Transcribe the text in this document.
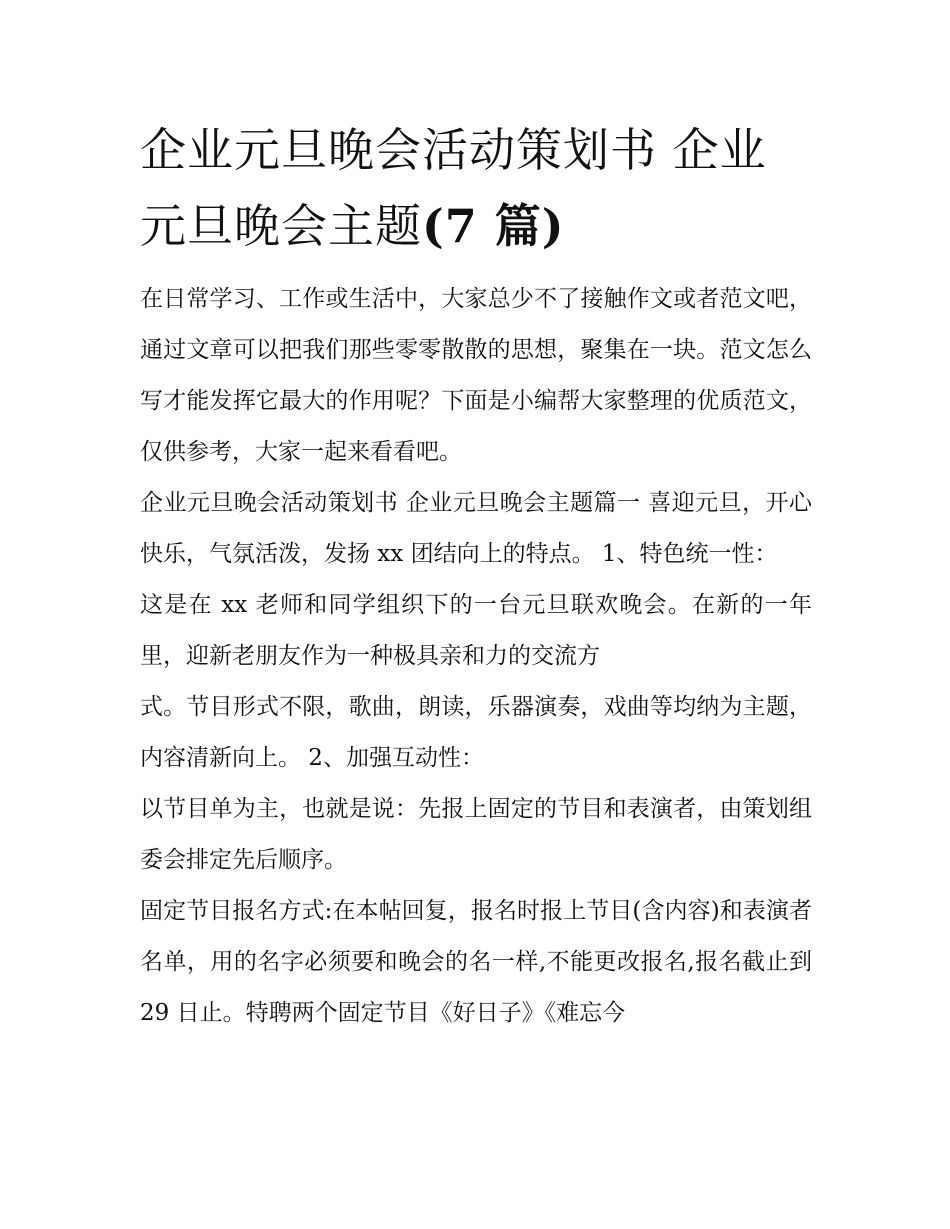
企业元旦晚会活动策划书 企业
元旦晚会主题(7 篇)

在日常学习、工作或生活中，大家总少不了接触作文或者范文吧，通过文章可以把我们那些零零散散的思想，聚集在一块。范文怎么写才能发挥它最大的作用呢？下面是小编帮大家整理的优质范文，仅供参考，大家一起来看看吧。

企业元旦晚会活动策划书 企业元旦晚会主题篇一 喜迎元旦，开心快乐，气氛活泼，发扬 xx 团结向上的特点。 1、特色统一性：

这是在 xx 老师和同学组织下的一台元旦联欢晚会。在新的一年里，迎新老朋友作为一种极具亲和力的交流方

式。节目形式不限，歌曲，朗读，乐器演奏，戏曲等均纳为主题，内容清新向上。 2、加强互动性：

以节目单为主，也就是说：先报上固定的节目和表演者，由策划组委会排定先后顺序。

固定节目报名方式:在本帖回复，报名时报上节目(含内容)和表演者名单，用的名字必须要和晚会的名一样,不能更改报名,报名截止到 29 日止。特聘两个固定节目《好日子》《难忘今
